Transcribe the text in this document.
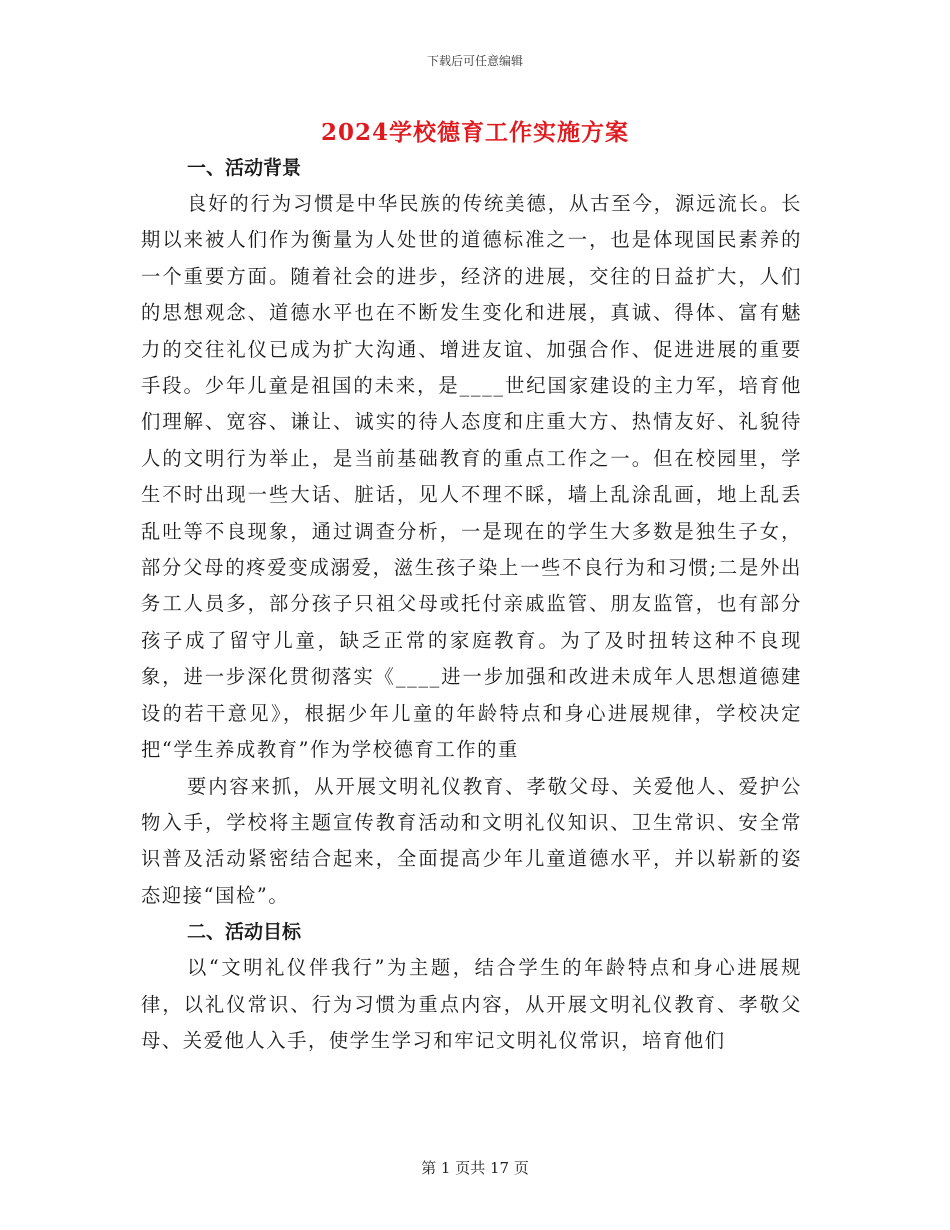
下载后可任意编辑
2024学校德育工作实施方案
一、活动背景

良好的行为习惯是中华民族的传统美德，从古至今，源远流长。长期以来被人们作为衡量为人处世的道德标准之一，也是体现国民素养的一个重要方面。随着社会的进步，经济的进展，交往的日益扩大，人们的思想观念、道德水平也在不断发生变化和进展，真诚、得体、富有魅力的交往礼仪已成为扩大沟通、增进友谊、加强合作、促进进展的重要手段。少年儿童是祖国的未来，是____世纪国家建设的主力军，培育他们理解、宽容、谦让、诚实的待人态度和庄重大方、热情友好、礼貌待人的文明行为举止，是当前基础教育的重点工作之一。但在校园里，学生不时出现一些大话、脏话，见人不理不睬，墙上乱涂乱画，地上乱丢乱吐等不良现象，通过调查分析，一是现在的学生大多数是独生子女，部分父母的疼爱变成溺爱，滋生孩子染上一些不良行为和习惯;二是外出务工人员多，部分孩子只祖父母或托付亲戚监管、朋友监管，也有部分孩子成了留守儿童，缺乏正常的家庭教育。为了及时扭转这种不良现象，进一步深化贯彻落实《____进一步加强和改进未成年人思想道德建设的若干意见》，根据少年儿童的年龄特点和身心进展规律，学校决定把“学生养成教育”作为学校德育工作的重

要内容来抓，从开展文明礼仪教育、孝敬父母、关爱他人、爱护公物入手，学校将主题宣传教育活动和文明礼仪知识、卫生常识、安全常识普及活动紧密结合起来，全面提高少年儿童道德水平，并以崭新的姿态迎接“国检”。

二、活动目标

以“文明礼仪伴我行”为主题，结合学生的年龄特点和身心进展规律，以礼仪常识、行为习惯为重点内容，从开展文明礼仪教育、孝敬父母、关爱他人入手，使学生学习和牢记文明礼仪常识，培育他们

第 1 页共 17 页
